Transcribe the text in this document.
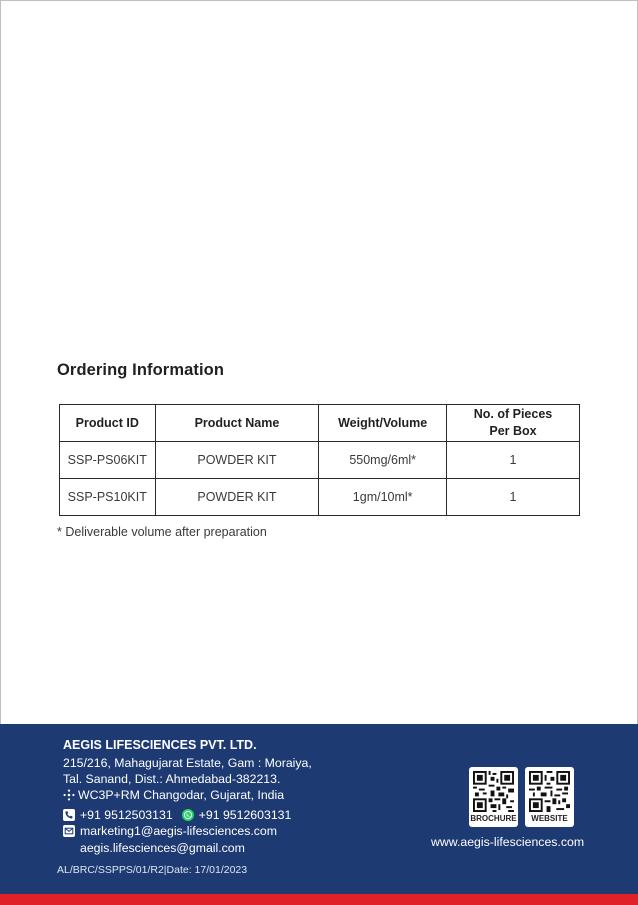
Ordering Information
Product ID	Product Name	Weight/Volume	No. of Pieces
Per Box
SSP-PS06KIT	POWDER KIT	550mg/6ml*	1
SSP-PS10KIT	POWDER KIT	1gm/10ml*	1
* Deliverable volume after preparation
AEGIS LIFESCIENCES PVT. LTD.
215/216, Mahagujarat Estate, Gam : Moraiya,
Tal. Sanand, Dist.: Ahmedabad-382213.
WC3P+RM Changodar, Gujarat, India
+91 9512503131 +91 9512603131
marketing1@aegis-lifesciences.com
aegis.lifesciences@gmail.com
AL/BRC/SSPPS/01/R2|Date: 17/01/2023
BROCHURE	WEBSITE
www.aegis-lifesciences.com
